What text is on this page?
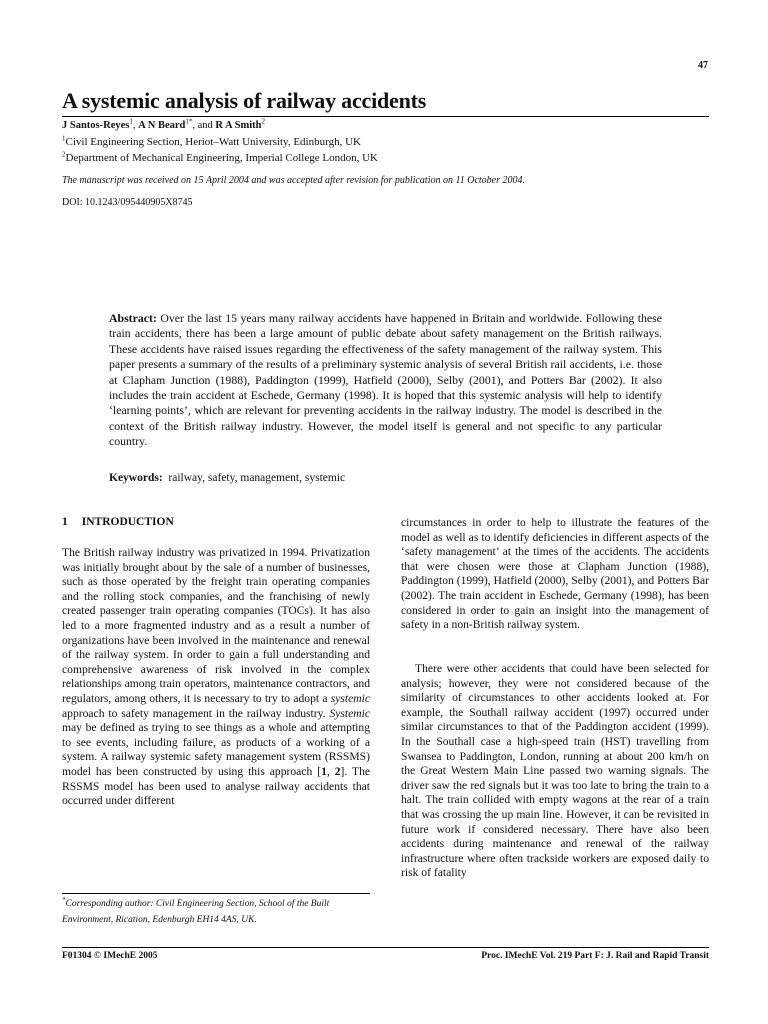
47
A systemic analysis of railway accidents
J Santos-Reyes$^1$, A N Beard$^{1*}$, and R A Smith$^2$
$^1$Civil Engineering Section, Heriot–Watt University, Edinburgh, UK
$^2$Department of Mechanical Engineering, Imperial College London, UK
The manuscript was received on 15 April 2004 and was accepted after revision for publication on 11 October 2004.
DOI: 10.1243/095440905X8745
Abstract: Over the last 15 years many railway accidents have happened in Britain and worldwide. Following these train accidents, there has been a large amount of public debate about safety management on the British railways. These accidents have raised issues regarding the effectiveness of the safety management of the railway system. This paper presents a summary of the results of a preliminary systemic analysis of several British rail accidents, i.e. those at Clapham Junction (1988), Paddington (1999), Hatfield (2000), Selby (2001), and Potters Bar (2002). It also includes the train accident at Eschede, Germany (1998). It is hoped that this systemic analysis will help to identify ‘learning points’, which are relevant for preventing accidents in the railway industry. The model is described in the context of the British railway industry. However, the model itself is general and not specific to any particular country.
Keywords: railway, safety, management, systemic
1 INTRODUCTION
The British railway industry was privatized in 1994. Privatization was initially brought about by the sale of a number of businesses, such as those operated by the freight train operating companies and the rolling stock companies, and the franchising of newly created passenger train operating companies (TOCs). It has also led to a more fragmented industry and as a result a number of organizations have been involved in the maintenance and renewal of the railway system. In order to gain a full understanding and comprehensive awareness of risk involved in the complex relationships among train operators, maintenance contractors, and regulators, among others, it is necessary to try to adopt a systemic approach to safety management in the railway industry. Systemic may be defined as trying to see things as a whole and attempting to see events, including failure, as products of a working of a system. A railway systemic safety management system (RSSMS) model has been constructed by using this approach [1, 2]. The RSSMS model has been used to analyse railway accidents that occurred under different
*Corresponding author: Civil Engineering Section, School of the Built Environment, Rication, Edenburgh EH14 4AS, UK.
circumstances in order to help to illustrate the features of the model as well as to identify deficiencies in different aspects of the ‘safety management’ at the times of the accidents. The accidents that were chosen were those at Clapham Junction (1988), Paddington (1999), Hatfield (2000), Selby (2001), and Potters Bar (2002). The train accident in Eschede, Germany (1998), has been considered in order to gain an insight into the management of safety in a non-British railway system.
There were other accidents that could have been selected for analysis; however, they were not considered because of the similarity of circumstances to other accidents looked at. For example, the Southall railway accident (1997) occurred under similar circumstances to that of the Paddington accident (1999). In the Southall case a high-speed train (HST) travelling from Swansea to Paddington, London, running at about 200 km/h on the Great Western Main Line passed two warning signals. The driver saw the red signals but it was too late to bring the train to a halt. The train collided with empty wagons at the rear of a train that was crossing the up main line. However, it can be revisited in future work if considered necessary. There have also been accidents during maintenance and renewal of the railway infrastructure where often trackside workers are exposed daily to risk of fatality
F01304 © IMechE 2005	Proc. IMechE Vol. 219 Part F: J. Rail and Rapid Transit
